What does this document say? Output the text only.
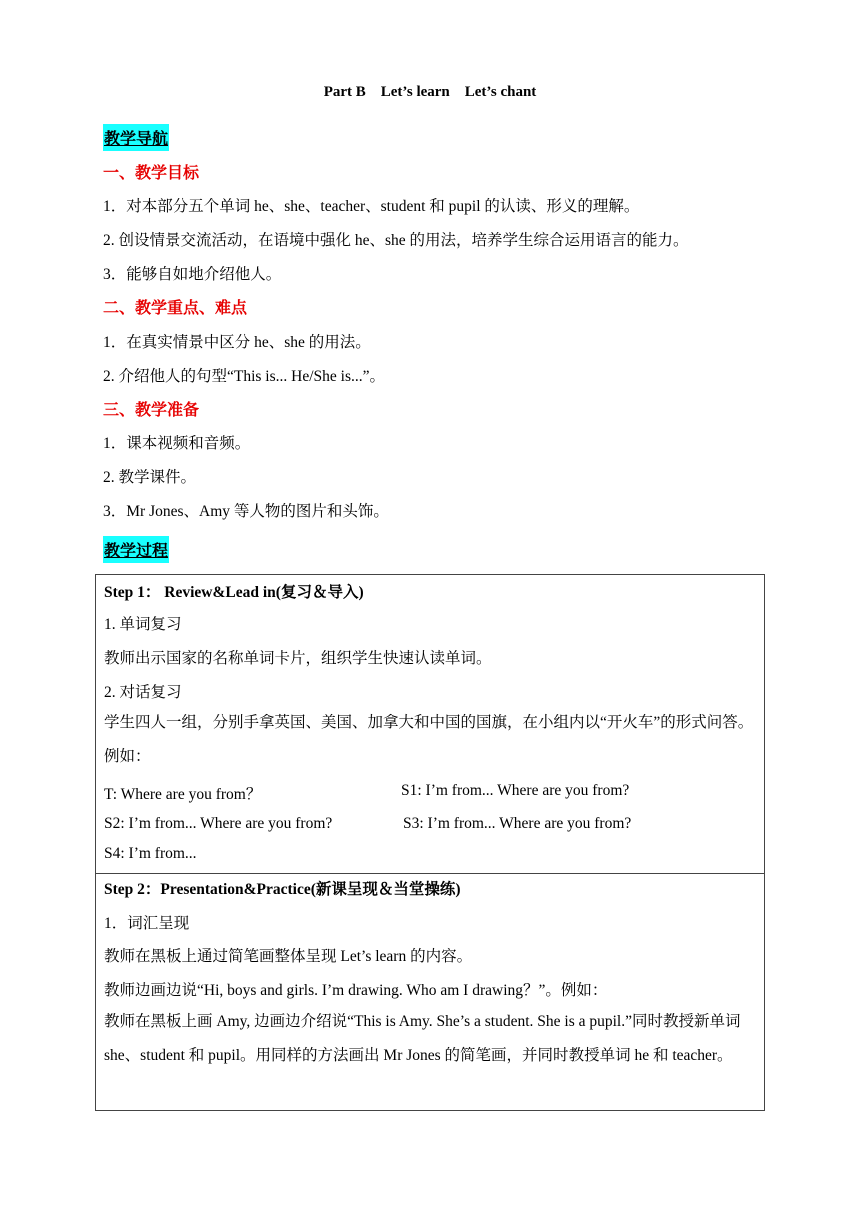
Part B    Let’s learn    Let’s chant
教学导航
一、教学目标
1．对本部分五个单词 he、she、teacher、student 和 pupil 的认读、形义的理解。
2. 创设情景交流活动，在语境中强化 he、she 的用法，培养学生综合运用语言的能力。
3．能够自如地介绍他人。
二、教学重点、难点
1．在真实情景中区分 he、she 的用法。
2. 介绍他人的句型“This is... He/She is...”。
三、教学准备
1．课本视频和音频。
2. 教学课件。
3．Mr Jones、Amy 等人物的图片和头饰。
教学过程
Step 1： Review&Lead in(复习＆导入)
1. 单词复习
教师出示国家的名称单词卡片，组织学生快速认读单词。
2. 对话复习
学生四人一组，分别手拿英国、美国、加拿大和中国的国旗，在小组内以“开火车”的形式问答。例如：
T: Where are you from？	S1: I’m from... Where are you from?
S2: I’m from... Where are you from?	S3: I’m from... Where are you from?
S4: I’m from...
Step 2：Presentation&Practice(新课呈现＆当堂操练)
1．词汇呈现
教师在黑板上通过简笔画整体呈现 Let’s learn 的内容。
教师边画边说“Hi, boys and girls. I’m drawing. Who am I drawing？”。例如：
教师在黑板上画 Amy, 边画边介绍说“This is Amy. She’s a student. She is a pupil.”同时教授新单词 she、student 和 pupil。用同样的方法画出 Mr Jones 的简笔画，并同时教授单词 he 和 teacher。
